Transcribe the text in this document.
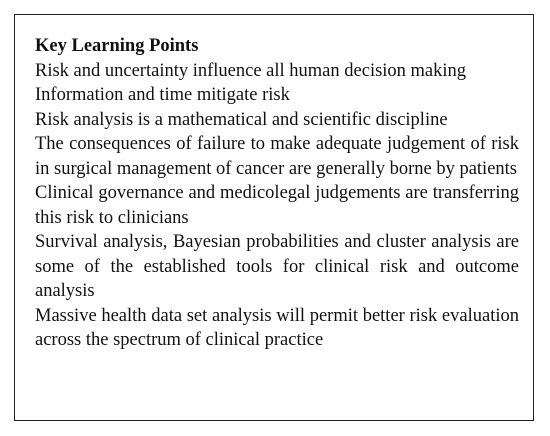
Key Learning Points
Risk and uncertainty influence all human decision making
Information and time mitigate risk
Risk analysis is a mathematical and scientific discipline
The consequences of failure to make adequate judgement of risk in surgical management of cancer are generally borne by patients
Clinical governance and medicolegal judgements are transferring this risk to clinicians
Survival analysis, Bayesian probabilities and cluster analysis are some of the established tools for clinical risk and outcome analysis
Massive health data set analysis will permit better risk evaluation across the spectrum of clinical practice
